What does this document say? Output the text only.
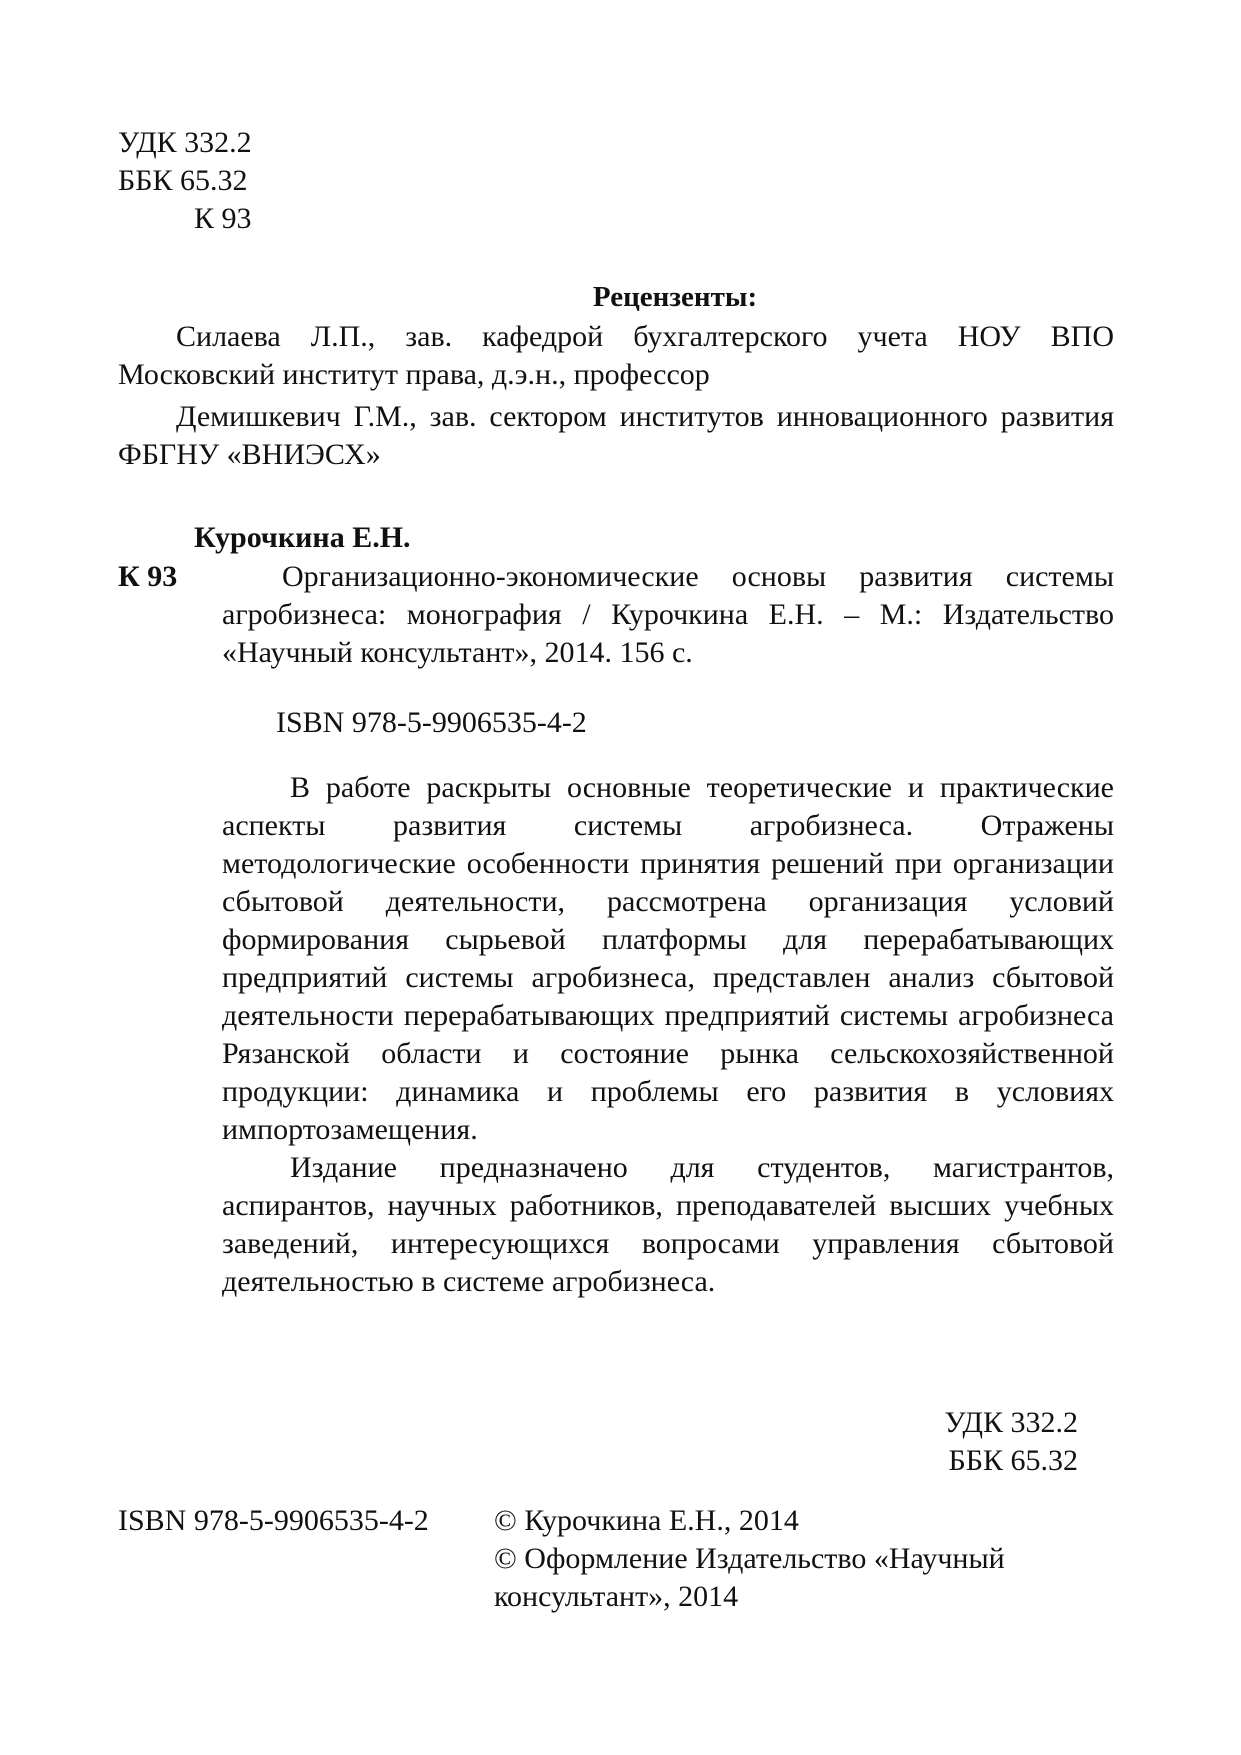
УДК 332.2
ББК 65.32
К 93
Рецензенты:
Силаева Л.П., зав. кафедрой бухгалтерского учета НОУ ВПО Московский институт права, д.э.н., профессор
Демишкевич Г.М., зав. сектором институтов инновационного развития ФБГНУ «ВНИЭСХ»
Курочкина Е.Н.
К 93	Организационно-экономические основы развития системы агробизнеса: монография / Курочкина Е.Н. – М.: Издательство «Научный консультант», 2014. 156 с.
ISBN 978-5-9906535-4-2

В работе раскрыты основные теоретические и практические аспекты развития системы агробизнеса. Отражены методологические особенности принятия решений при организации сбытовой деятельности, рассмотрена организация условий формирования сырьевой платформы для перерабатывающих предприятий системы агробизнеса, представлен анализ сбытовой деятельности перерабатывающих предприятий системы агробизнеса Рязанской области и состояние рынка сельскохозяйственной продукции: динамика и проблемы его развития в условиях импортозамещения.

Издание предназначено для студентов, магистрантов, аспирантов, научных работников, преподавателей высших учебных заведений, интересующихся вопросами управления сбытовой деятельностью в системе агробизнеса.

УДК 332.2
ББК 65.32
ISBN 978-5-9906535-4-2 © Курочкина Е.Н., 2014
© Оформление Издательство «Научный
консультант», 2014
